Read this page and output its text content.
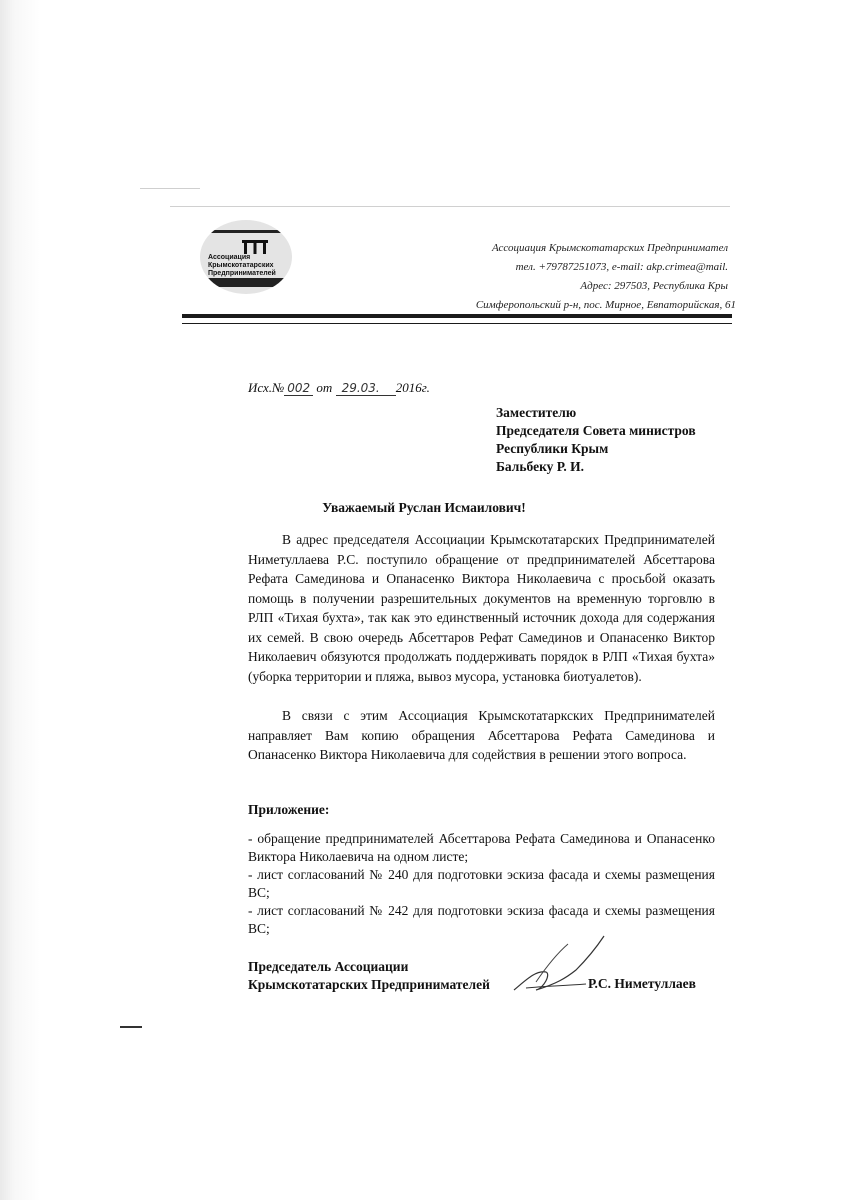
Ассоциация
Крымскотатарских
Предпринимателей
Ассоциация Крымскотатарских Предпринимател
тел. +79787251073, e-mail: akp.crimea@mail.
Адрес: 297503, Республика Кры
Симферопольский р-н, пос. Мирное, Евпаторийская, 61
Исх.№ 002 от 29.03. 2016г.
Заместителю
Председателя Совета министров
Республики Крым
Бальбеку Р. И.
Уважаемый Руслан Исмаилович!

В адрес председателя Ассоциации Крымскотатарских Предпринимателей Ниметуллаева Р.С. поступило обращение от предпринимателей Абсеттарова Рефата Самединова и Опанасенко Виктора Николаевича с просьбой оказать помощь в получении разрешительных документов на временную торговлю в РЛП «Тихая бухта», так как это единственный источник дохода для содержания их семей. В свою очередь Абсеттаров Рефат Самединов и Опанасенко Виктор Николаевич обязуются продолжать поддерживать порядок в РЛП «Тихая бухта» (уборка территории и пляжа, вывоз мусора, установка биотуалетов).

В связи с этим Ассоциация Крымскотатаркских Предпринимателей направляет Вам копию обращения Абсеттарова Рефата Самединова и Опанасенко Виктора Николаевича для содействия в решении этого вопроса.

Приложение:
- обращение предпринимателей Абсеттарова Рефата Самединова и Опанасенко Виктора Николаевича на одном листе;
- лист согласований № 240 для подготовки эскиза фасада и схемы размещения ВС;
- лист согласований № 242 для подготовки эскиза фасада и схемы размещения ВС;
Председатель Ассоциации
Крымскотатарских Предпринимателей	Р.С. Ниметуллаев
